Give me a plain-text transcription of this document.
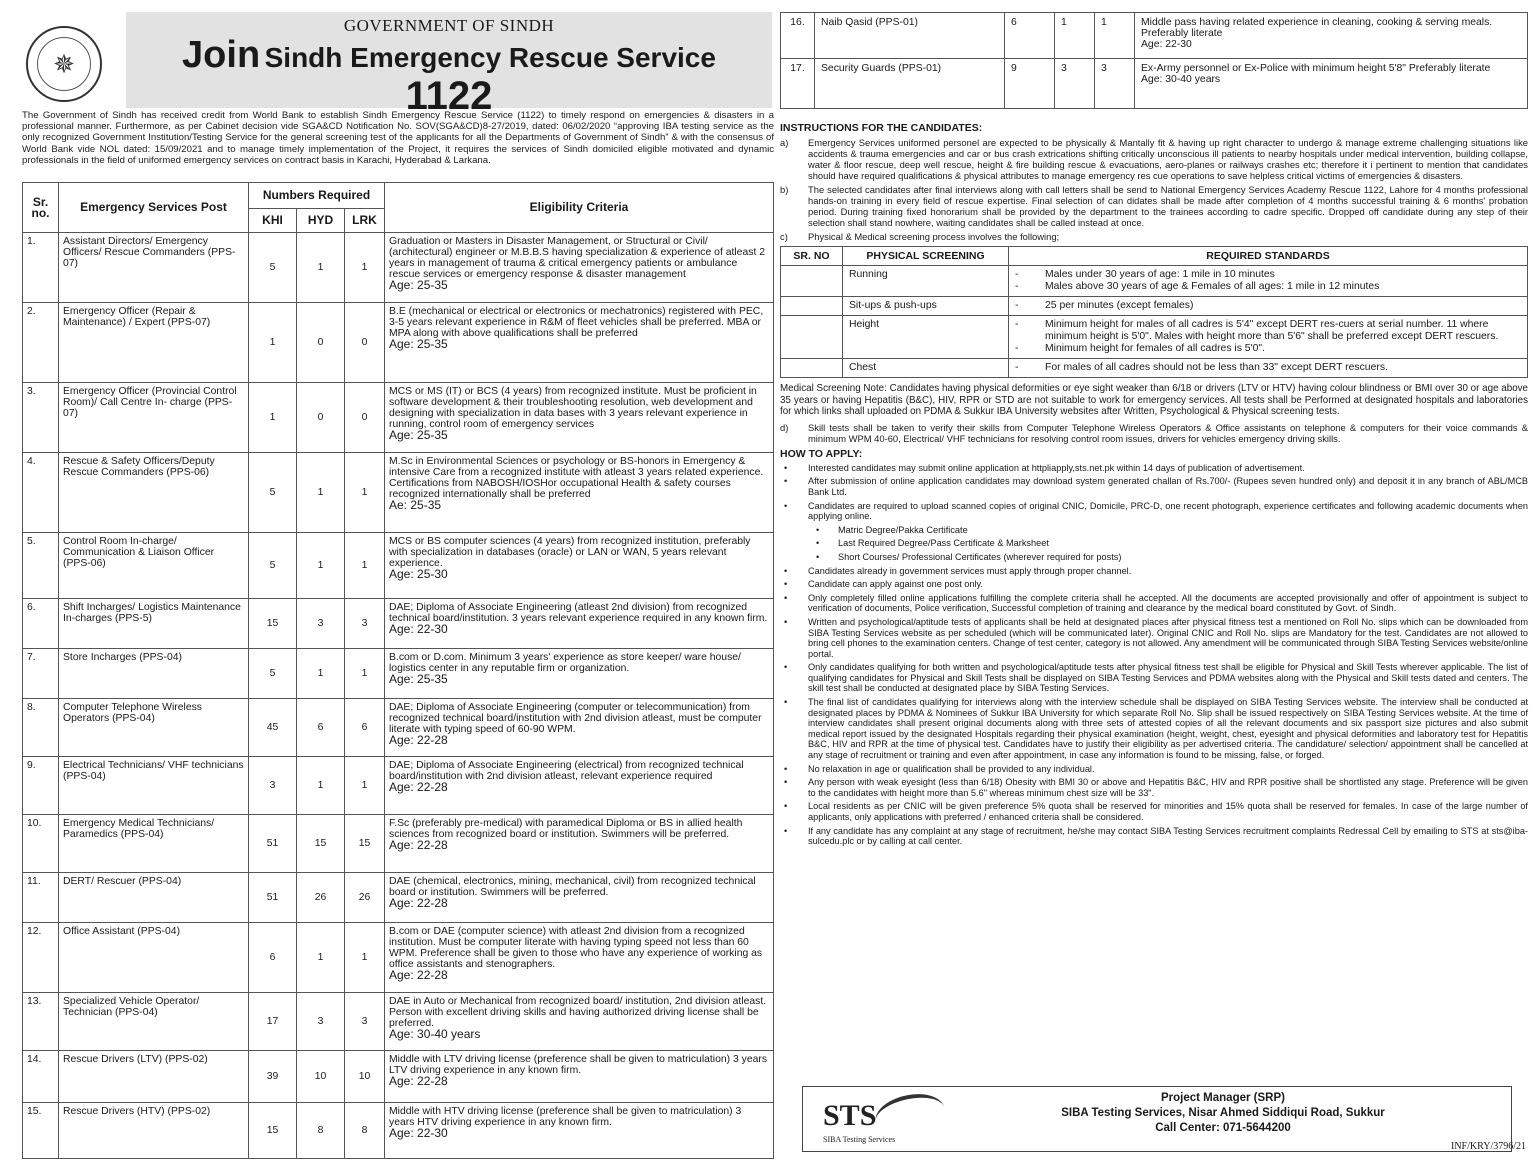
✵
GOVERNMENT OF SINDH
Join Sindh Emergency Rescue Service
1122
The Government of Sindh has received credit from World Bank to establish Sindh Emergency Rescue Service (1122) to timely respond on emergencies & disasters in a professional manner. Furthermore, as per Cabinet decision vide SGA&CD Notification No. SOV(SGA&CD)8-27/2019, dated: 06/02/2020 “approving IBA testing service as the only recognized Government Institution/Testing Service for the general screening test of the applicants for all the Departments of Government of Sindh” & with the consensus of World Bank vide NOL dated: 15/09/2021 and to manage timely implementation of the Project, it requires the services of Sindh domiciled eligible motivated and dynamic professionals in the field of uniformed emergency services on contract basis in Karachi, Hyderabad & Larkana.
Sr. no.	Emergency Services Post	Numbers Required			Eligibility Criteria
		KHI	HYD	LRK	
1.	Assistant Directors/ Emergency Officers/ Rescue Commanders (PPS-07)	5	1	1	Graduation or Masters in Disaster Management, or Structural or Civil/ (architectural) engineer or M.B.B.S having specialization & experience of atleast 2 years in management of trauma & critical emergency patients or ambulance rescue services or emergency response & disaster management
Age: 25-35

2.	Emergency Officer (Repair & Maintenance) / Expert (PPS-07)	1	0	0	B.E (mechanical or electrical or electronics or mechatronics) registered with PEC, 3-5 years relevant experience in R&M of fleet vehicles shall be preferred. MBA or MPA along with above qualifications shall be preferred
Age: 25-35

3.	Emergency Officer (Provincial Control Room)/ Call Centre In- charge (PPS-07)	1	0	0	MCS or MS (IT) or BCS (4 years) from recognized institute. Must be proficient in software development & their troubleshooting resolution, web development and designing with specialization in data bases with 3 years relevant experience in running, control room of emergency services
Age: 25-35

4.	Rescue & Safety Officers/Deputy Rescue Commanders (PPS-06)	5	1	1	M.Sc in Environmental Sciences or psychology or BS-honors in Emergency & intensive Care from a recognized institute with atleast 3 years related experience. Certifications from NABOSH/IOSHor occupational Health & safety courses recognized internationally shall be preferred
Ae: 25-35

5.	Control Room In-charge/ Communication & Liaison Officer (PPS-06)	5	1	1	MCS or BS computer sciences (4 years) from recognized institution, preferably with specialization in databases (oracle) or LAN or WAN, 5 years relevant experience.
Age: 25-30

6.	Shift Incharges/ Logistics Maintenance In-charges (PPS-5)	15	3	3	DAE; Diploma of Associate Engineering (atleast 2nd division) from recognized technical board/institution. 3 years relevant experience required in any known firm.
Age: 22-30

7.	Store Incharges (PPS-04)	5	1	1	B.com or D.com. Minimum 3 years' experience as store keeper/ ware house/ logistics center in any reputable firm or organization.
Age: 25-35

8.	Computer Telephone Wireless Operators (PPS-04)	45	6	6	DAE; Diploma of Associate Engineering (computer or telecommunication) from recognized technical board/institution with 2nd division atleast, must be computer literate with typing speed of 60-90 WPM.
Age: 22-28

9.	Electrical Technicians/ VHF technicians (PPS-04)	3	1	1	DAE; Diploma of Associate Engineering (electrical) from recognized technical board/institution with 2nd division atleast, relevant experience required
Age: 22-28

10.	Emergency Medical Technicians/ Paramedics (PPS-04)	51	15	15	F.Sc (preferably pre-medical) with paramedical Diploma or BS in allied health sciences from recognized board or institution. Swimmers will be preferred.
Age: 22-28

11.	DERT/ Rescuer (PPS-04)	51	26	26	DAE (chemical, electronics, mining, mechanical, civil) from recognized technical board or institution. Swimmers will be preferred.
Age: 22-28

12.	Office Assistant (PPS-04)	6	1	1	B.com or DAE (computer science) with atleast 2nd division from a recognized institution. Must be computer literate with having typing speed not less than 60 WPM. Preference shall be given to those who have any experience of working as office assistants and stenographers.
Age: 22-28

13.	Specialized Vehicle Operator/ Technician (PPS-04)	17	3	3	DAE in Auto or Mechanical from recognized board/ institution, 2nd division atleast. Person with excellent driving skills and having authorized driving license shall be preferred.
Age: 30-40 years

14.	Rescue Drivers (LTV) (PPS-02)	39	10	10	Middle with LTV driving license (preference shall be given to matriculation) 3 years LTV driving experience in any known firm.
Age: 22-28

15.	Rescue Drivers (HTV) (PPS-02)	15	8	8	Middle with HTV driving license (preference shall be given to matriculation) 3 years HTV driving experience in any known firm.
Age: 22-30
16.	Naib Qasid (PPS-01)	6	1	1	Middle pass having related experience in cleaning, cooking & serving meals. Preferably literate
Age: 22-30

17.	Security Guards (PPS-01)	9	3	3	Ex-Army personnel or Ex-Police with minimum height 5'8" Preferably literate
Age: 30-40 years
INSTRUCTIONS FOR THE CANDIDATES:
a)	Emergency Services uniformed personel are expected to be physically & Mantally fit & having up right character to undergo & manage extreme challenging situations like accidents & trauma emergencies and car or bus crash extrications shifting critically unconscious ill patients to nearby hospitals under medical intervention, building collapse, water & floor rescue, deep well rescue, height & fire building rescue & evacuations, aero-planes or railways crashes etc; therefore it i pertinent to mention that candidates should have required qualifications & physical attributes to manage emergency res cue operations to save helpless critical victims of emergencies & disasters.
b)	The selected candidates after final interviews along with call letters shall be send to National Emergency Services Academy Rescue 1122, Lahore for 4 months professional hands-on training in every field of rescue expertise. Final selection of can didates shall be made after completion of 4 months successful training & 6 months' probation period. During training fixed honorarium shall be provided by the department to the trainees according to cadre specific. Dropped off candidate during any step of their selection shall stand nowhere, waiting candidates shall be called instead at once.
c)	Physical & Medical screening process involves the following;
SR. NO	PHYSICAL SCREENING	REQUIRED STANDARDS
	Running	- Males under 30 years of age: 1 mile in 10 minutes
- Males above 30 years of age & Females of all ages: 1 mile in 12 minutes

	Sit-ups & push-ups	- 25 per minutes (except females)

	Height	- Minimum height for males of all cadres is 5'4" except DERT res-cuers at serial number. 11 where minimum height is 5'0". Males with height more than 5'6" shall be preferred except DERT rescuers.
- Minimum height for females of all cadres is 5'0".

	Chest	- For males of all cadres should not be less than 33" except DERT rescuers.
Medical Screening Note: Candidates having physical deformities or eye sight weaker than 6/18 or drivers (LTV or HTV) having colour blindness or BMI over 30 or age above 35 years or having Hepatitis (B&C), HIV, RPR or STD are not suitable to work for emergency services. All tests shall be Performed at designated hospitals and laboratories for which links shall uploaded on PDMA & Sukkur IBA University websites after Written, Psychological & Physical screening tests.
d)	Skill tests shall be taken to verify their skills from Computer Telephone Wireless Operators & Office assistants on telephone & computers for their voice commands & minimum WPM 40-60, Electrical/ VHF technicians for resolving control room issues, drivers for vehicles emergency driving skills.
HOW TO APPLY:
• Interested candidates may submit online application at httpliapply,sts.net.pk within 14 days of publication of advertisement.
• After submission of online application candidates may download system generated challan of Rs.700/- (Rupees seven hundred only) and deposit it in any branch of ABL/MCB Bank Ltd.
• Candidates are required to upload scanned copies of original CNIC, Domicile, PRC-D, one recent photograph, experience certificates and following academic documents when applying online.
• Matric Degree/Pakka Certificate
• Last Required Degree/Pass Certificate & Marksheet
• Short Courses/ Professional Certificates (wherever required for posts)
• Candidates already in government services must apply through proper channel.
• Candidate can apply against one post only.
• Only completely filled online applications fulfilling the complete criteria shall he accepted. All the documents are accepted provisionally and offer of appointment is subject to verification of documents, Police verification, Successful completion of training and clearance by the medical board constituted by Govt. of Sindh.
• Written and psychological/aptitude tests of applicants shall be held at designated places after physical fitness test a mentioned on Roll No. slips which can be downloaded from SIBA Testing Services website as per scheduled (which will be communicated later). Original CNIC and Roll No. slips are Mandatory for the test. Candidates are not allowed to bring cell phones to the examination centers. Change of test center, category is not allowed. Any amendment will be communicated through SIBA Testing Services website/online portal.
• Only candidates qualifying for both written and psychological/aptitude tests after physical fitness test shall be eligible for Physical and Skill Tests wherever applicable. The list of qualifying candidates for Physical and Skill Tests shall be displayed on SIBA Testing Services and PDMA websites along with the Physical and Skill tests dated and centers. The skill test shall be conducted at designated place by SIBA Testing Services.
• The final list of candidates qualifying for interviews along with the interview schedule shall be displayed on SIBA Testing Services website. The interview shall be conducted at designated places by PDMA & Nominees of Sukkur IBA University for which separate Roll No. Slip shall be issued respectively on SIBA Testing Services website. At the time of interview candidates shall present original documents along with three sets of attested copies of all the relevant documents and six passport size pictures and also submit medical report issued by the designated Hospitals regarding their physical examination (height, weight, chest, eyesight and physical deformities and laboratory test for Hepatitis B&C, HIV and RPR at the time of physical test. Candidates have to justify their eligibility as per advertised criteria. The candidature/ selection/ appointment shall be cancelled at any stage of recruitment or training and even after appointment, in case any information is found to be missing, false, or forged.
• No relaxation in age or qualification shall be provided to any individual.
• Any person with weak eyesight (less than 6/18) Obesity with BMI 30 or above and Hepatitis B&C, HIV and RPR positive shall be shortlisted any stage. Preference will be given to the candidates with height more than 5.6" whereas minimum chest size will be 33".
• Local residents as per CNIC will be given preference 5% quota shall be reserved for minorities and 15% quota shall be reserved for females. In case of the large number of applicants, only applications with preferred / enhanced criteria shall be considered.
• If any candidate has any complaint at any stage of recruitment, he/she may contact SIBA Testing Services recruitment complaints Redressal Cell by emailing to STS at sts@iba-sulcedu.plc or by calling at call center.
STS
SIBA Testing Services
Project Manager (SRP)
SIBA Testing Services, Nisar Ahmed Siddiqui Road, Sukkur
Call Center: 071-5644200
INF/KRY/3796/21
